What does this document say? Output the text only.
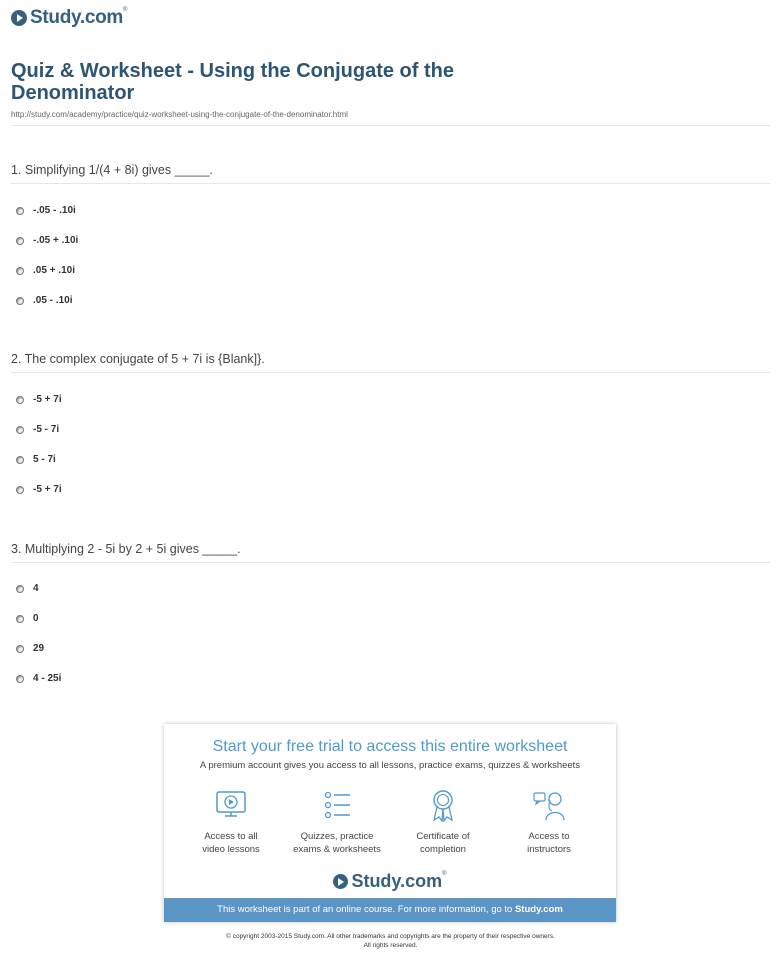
Study.com®
Quiz & Worksheet - Using the Conjugate of the Denominator
http://study.com/academy/practice/quiz-worksheet-using-the-conjugate-of-the-denominator.html
1. Simplifying 1/(4 + 8i) gives _____.
-.05 - .10i
-.05 + .10i
.05 + .10i
.05 - .10i
2. The complex conjugate of 5 + 7i is {Blank]}.
-5 + 7i
-5 - 7i
5 - 7i
-5 + 7i
3. Multiplying 2 - 5i by 2 + 5i gives _____.
4
0
29
4 - 25i
Start your free trial to access this entire worksheet
A premium account gives you access to all lessons, practice exams, quizzes & worksheets
Access to all
video lessons
Quizzes, practice
exams & worksheets
Certificate of
completion
Access to
instructors
Study.com®
This worksheet is part of an online course. For more information, go to Study.com
© copyright 2003-2015 Study.com. All other trademarks and copyrights are the property of their respective owners.
All rights reserved.
